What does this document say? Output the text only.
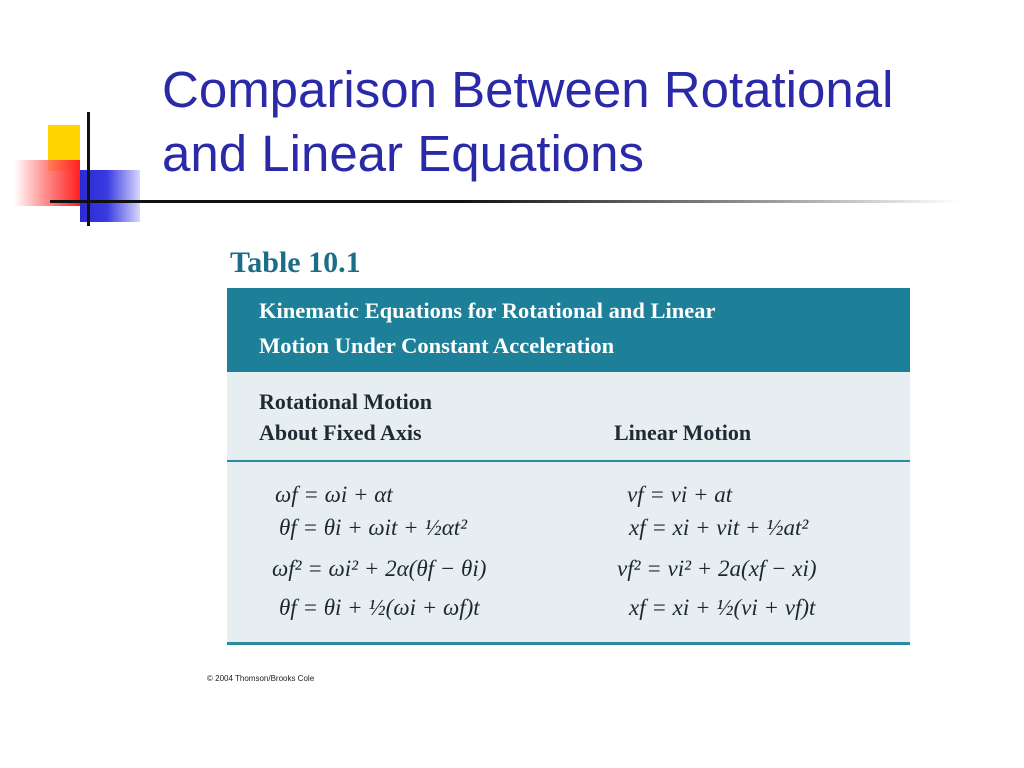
Comparison Between Rotational
and Linear Equations
Table 10.1
Kinematic Equations for Rotational and Linear
Motion Under Constant Acceleration
Rotational Motion
About Fixed Axis	Linear Motion
ωf = ωi + αt
θf = θi + ωit + ½αt²
ωf² = ωi² + 2α(θf − θi)
θf = θi + ½(ωi + ωf)t
vf = vi + at
xf = xi + vit + ½at²
vf² = vi² + 2a(xf − xi)
xf = xi + ½(vi + vf)t
© 2004 Thomson/Brooks Cole
